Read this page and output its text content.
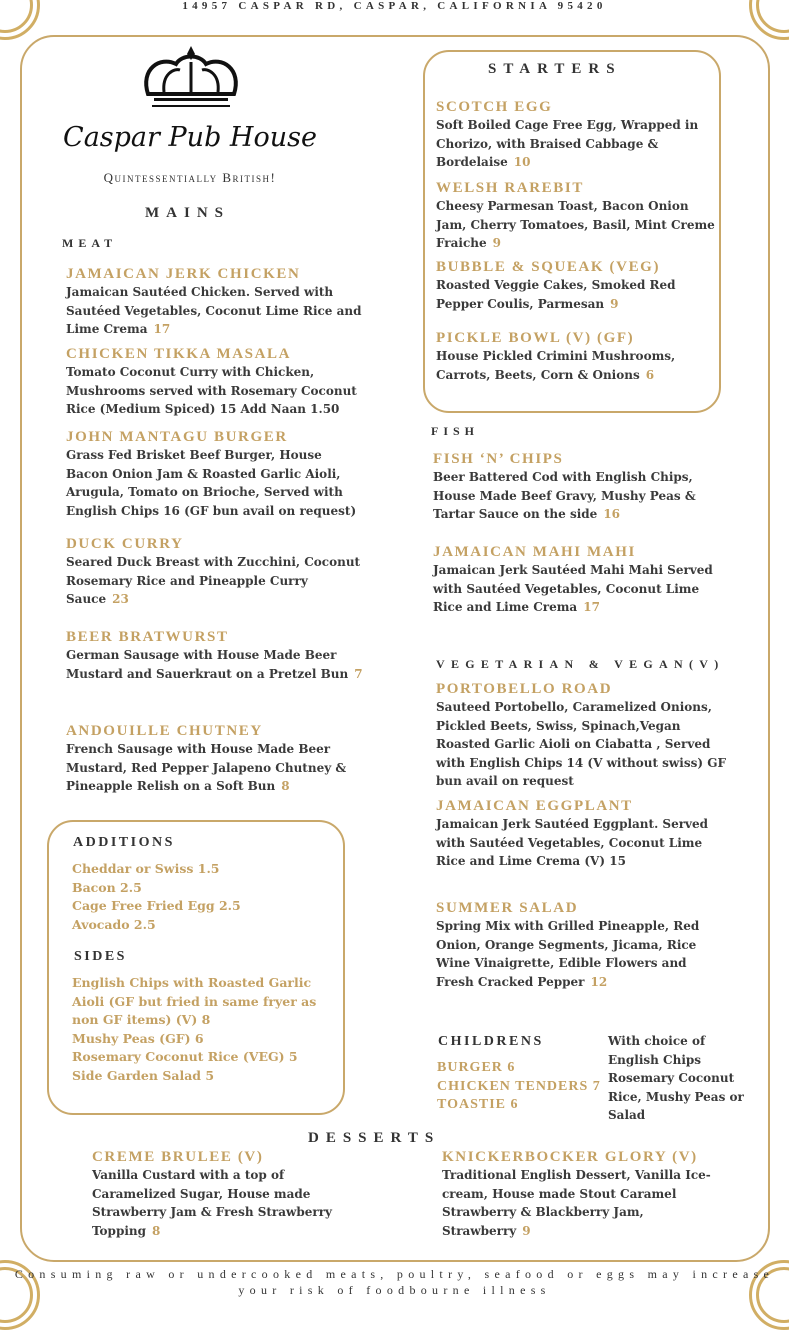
14957 CASPAR RD, CASPAR, CALIFORNIA 95420
Caspar Pub House
Quintessentially British!
MAINS
MEAT
JAMAICAN JERK CHICKEN
Jamaican Sautéed Chicken. Served with Sautéed Vegetables, Coconut Lime Rice and Lime Crema 17
CHICKEN TIKKA MASALA
Tomato Coconut Curry with Chicken, Mushrooms served with Rosemary Coconut Rice (Medium Spiced) 15 Add Naan 1.50
JOHN MANTAGU BURGER
Grass Fed Brisket Beef Burger, House Bacon Onion Jam & Roasted Garlic Aioli, Arugula, Tomato on Brioche, Served with English Chips 16 (GF bun avail on request)
DUCK CURRY
Seared Duck Breast with Zucchini, Coconut Rosemary Rice and Pineapple Curry Sauce 23
BEER BRATWURST
German Sausage with House Made Beer Mustard and Sauerkraut on a Pretzel Bun 7
ANDOUILLE CHUTNEY
French Sausage with House Made Beer Mustard, Red Pepper Jalapeno Chutney & Pineapple Relish on a Soft Bun 8
STARTERS
SCOTCH EGG
Soft Boiled Cage Free Egg, Wrapped in Chorizo, with Braised Cabbage & Bordelaise 10
WELSH RAREBIT
Cheesy Parmesan Toast, Bacon Onion Jam, Cherry Tomatoes, Basil, Mint Creme Fraiche 9
BUBBLE & SQUEAK (VEG)
Roasted Veggie Cakes, Smoked Red Pepper Coulis, Parmesan 9
PICKLE BOWL (V) (GF)
House Pickled Crimini Mushrooms, Carrots, Beets, Corn & Onions 6
FISH
FISH ‘N’ CHIPS
Beer Battered Cod with English Chips, House Made Beef Gravy, Mushy Peas & Tartar Sauce on the side 16
JAMAICAN MAHI MAHI
Jamaican Jerk Sautéed Mahi Mahi Served with Sautéed Vegetables, Coconut Lime Rice and Lime Crema 17
VEGETARIAN & VEGAN(V)
PORTOBELLO ROAD
Sauteed Portobello, Caramelized Onions, Pickled Beets, Swiss, Spinach,Vegan Roasted Garlic Aioli on Ciabatta , Served with English Chips 14 (V without swiss) GF bun avail on request
JAMAICAN EGGPLANT
Jamaican Jerk Sautéed Eggplant. Served with Sautéed Vegetables, Coconut Lime Rice and Lime Crema (V) 15
SUMMER SALAD
Spring Mix with Grilled Pineapple, Red Onion, Orange Segments, Jicama, Rice Wine Vinaigrette, Edible Flowers and Fresh Cracked Pepper 12
ADDITIONS
Cheddar or Swiss 1.5
Bacon 2.5
Cage Free Fried Egg 2.5
Avocado 2.5
SIDES
English Chips with Roasted Garlic Aioli (GF but fried in same fryer as non GF items) (V) 8
Mushy Peas (GF) 6
Rosemary Coconut Rice (VEG) 5
Side Garden Salad 5
CHILDRENS
BURGER 6
CHICKEN TENDERS 7
TOASTIE 6
With choice of English Chips Rosemary Coconut Rice, Mushy Peas or Salad
DESSERTS
CREME BRULEE (V)
Vanilla Custard with a top of Caramelized Sugar, House made Strawberry Jam & Fresh Strawberry Topping 8
KNICKERBOCKER GLORY (V)
Traditional English Dessert, Vanilla Ice-cream, House made Stout Caramel Strawberry & Blackberry Jam, Strawberry 9
Consuming raw or undercooked meats, poultry, seafood or eggs may increase your risk of foodbourne illness
